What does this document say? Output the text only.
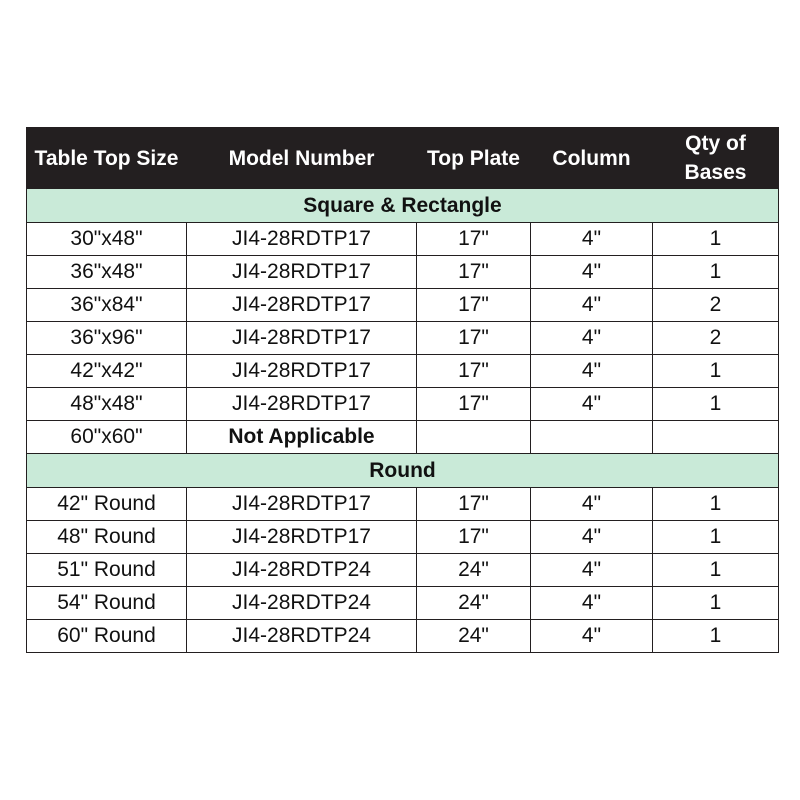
Table Top Size	Model Number	Top Plate	Column	Qty of Bases
Square & Rectangle				
30"x48"	JI4-28RDTP17	17"	4"	1
36"x48"	JI4-28RDTP17	17"	4"	1
36"x84"	JI4-28RDTP17	17"	4"	2
36"x96"	JI4-28RDTP17	17"	4"	2
42"x42"	JI4-28RDTP17	17"	4"	1
48"x48"	JI4-28RDTP17	17"	4"	1
60"x60"	Not Applicable			
Round				
42" Round	JI4-28RDTP17	17"	4"	1
48" Round	JI4-28RDTP17	17"	4"	1
51" Round	JI4-28RDTP24	24"	4"	1
54" Round	JI4-28RDTP24	24"	4"	1
60" Round	JI4-28RDTP24	24"	4"	1
